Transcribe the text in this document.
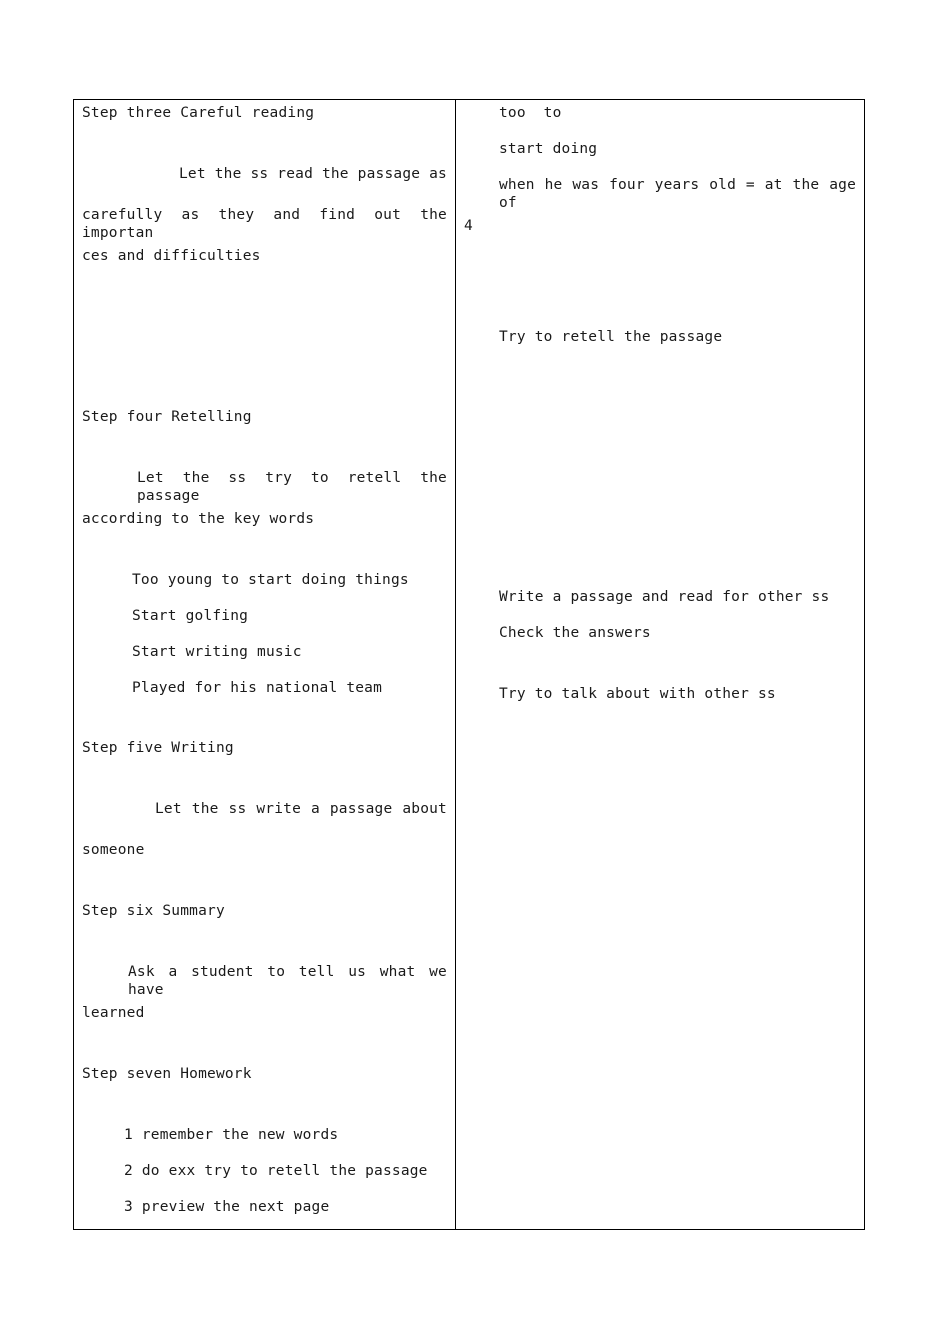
Step three Careful reading
Let the ss read the passage as
carefully as they and find out the importan
ces and difficulties
Step four Retelling
Let the ss try to retell the passage
according to the key words
Too young to start doing things
Start golfing
Start writing music
Played for his national team
Step five Writing
Let the ss write a passage about
someone
Step six Summary
Ask a student to tell us what we have
learned
Step seven Homework
1 remember the new words
2 do exx try to retell the passage
3 preview the next page
too  to
start doing
when he was four years old = at the age of
4
Try to retell the passage
Write a passage and read for other ss
Check the answers
Try to talk about with other ss
